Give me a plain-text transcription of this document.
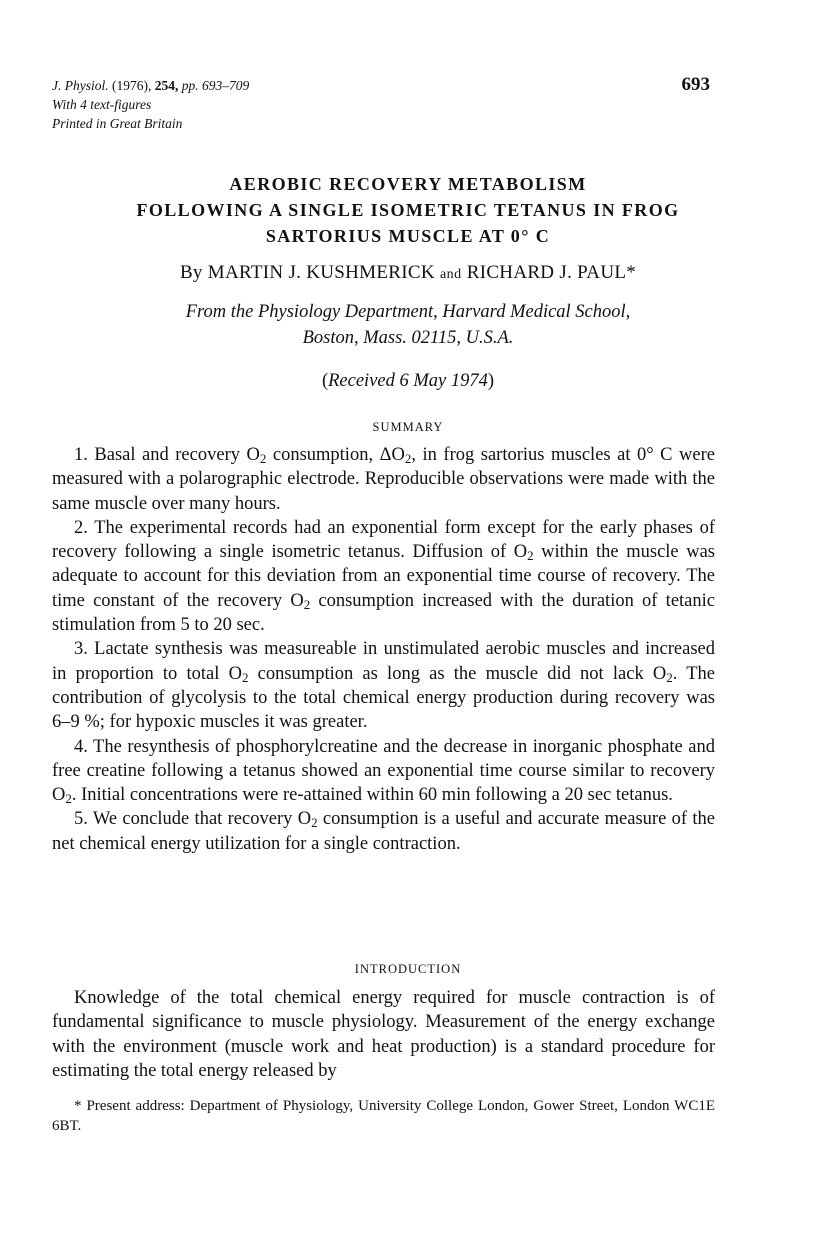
J. Physiol. (1976), 254, pp. 693–709
With 4 text-figures
Printed in Great Britain
693
AEROBIC RECOVERY METABOLISM
FOLLOWING A SINGLE ISOMETRIC TETANUS IN FROG
SARTORIUS MUSCLE AT 0° C
By MARTIN J. KUSHMERICK and RICHARD J. PAUL*
From the Physiology Department, Harvard Medical School,
Boston, Mass. 02115, U.S.A.
(Received 6 May 1974)
SUMMARY

1. Basal and recovery $O_2$ consumption, $\Delta O_2$, in frog sartorius muscles at 0° C were measured with a polarographic electrode. Reproducible observations were made with the same muscle over many hours.

2. The experimental records had an exponential form except for the early phases of recovery following a single isometric tetanus. Diffusion of $O_2$ within the muscle was adequate to account for this deviation from an exponential time course of recovery. The time constant of the recovery $O_2$ consumption increased with the duration of tetanic stimulation from 5 to 20 sec.

3. Lactate synthesis was measureable in unstimulated aerobic muscles and increased in proportion to total $O_2$ consumption as long as the muscle did not lack $O_2$. The contribution of glycolysis to the total chemical energy production during recovery was 6–9 %; for hypoxic muscles it was greater.

4. The resynthesis of phosphorylcreatine and the decrease in inorganic phosphate and free creatine following a tetanus showed an exponential time course similar to recovery $O_2$. Initial concentrations were re-attained within 60 min following a 20 sec tetanus.

5. We conclude that recovery $O_2$ consumption is a useful and accurate measure of the net chemical energy utilization for a single contraction.

INTRODUCTION

Knowledge of the total chemical energy required for muscle contraction is of fundamental significance to muscle physiology. Measurement of the energy exchange with the environment (muscle work and heat production) is a standard procedure for estimating the total energy released by

* Present address: Department of Physiology, University College London, Gower Street, London WC1E 6BT.
